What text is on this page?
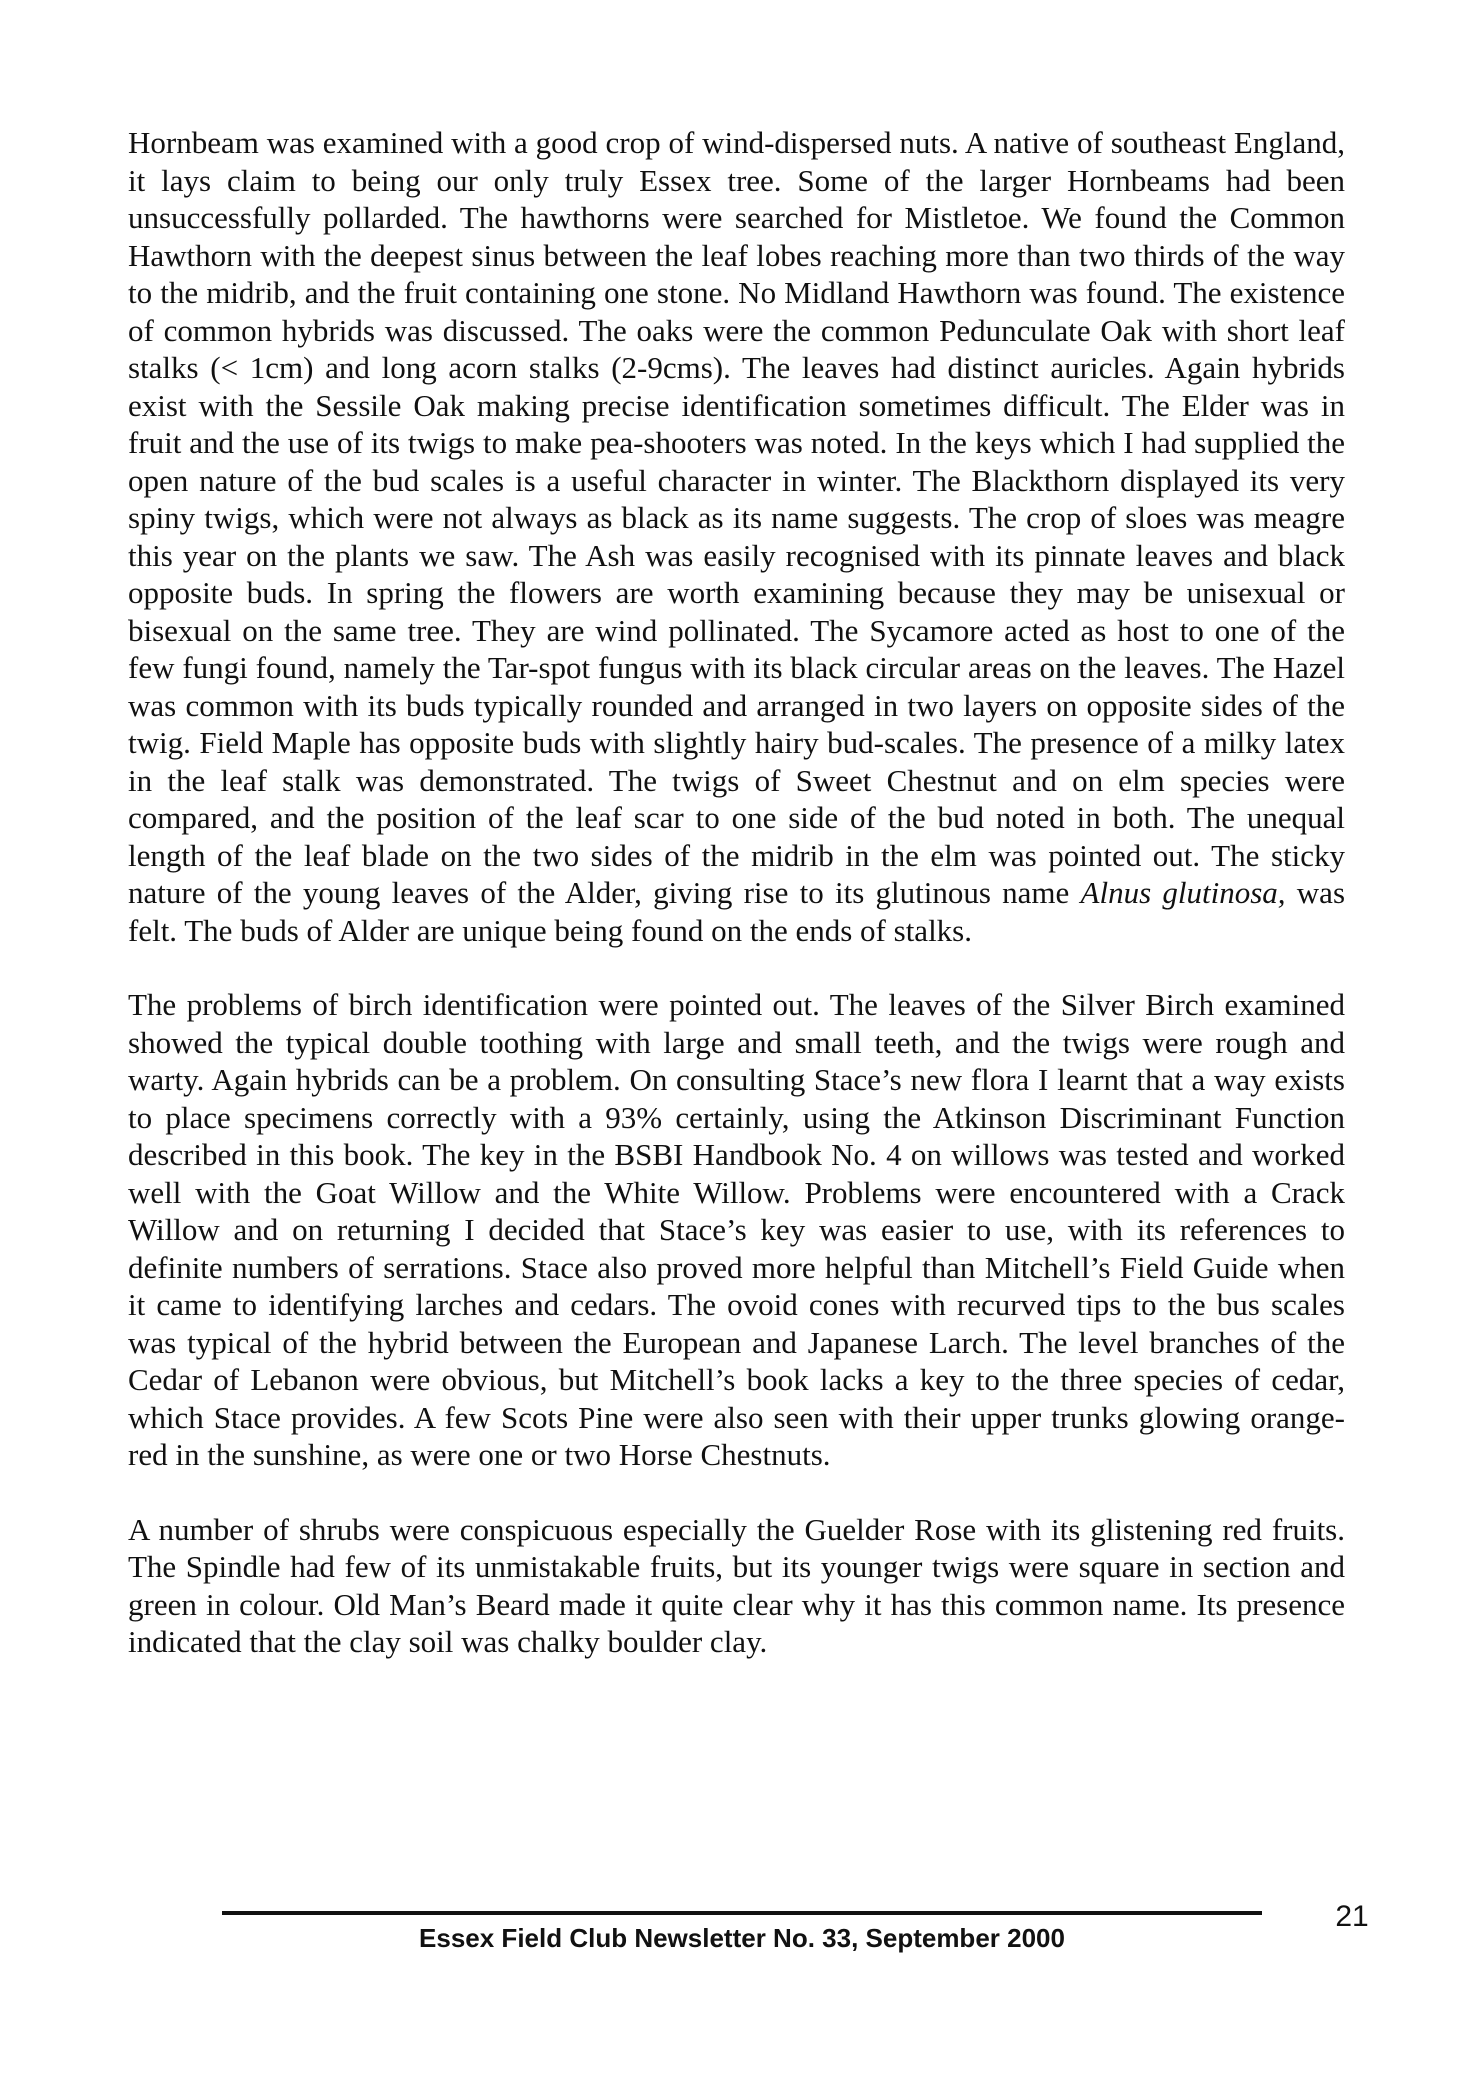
Hornbeam was examined with a good crop of wind-dispersed nuts. A native of southeast England, it lays claim to being our only truly Essex tree. Some of the larger Hornbeams had been unsuccessfully pollarded. The hawthorns were searched for Mistletoe. We found the Common Hawthorn with the deepest sinus between the leaf lobes reaching more than two thirds of the way to the midrib, and the fruit containing one stone. No Midland Hawthorn was found. The existence of common hybrids was discussed. The oaks were the common Pedunculate Oak with short leaf stalks (< 1cm) and long acorn stalks (2-9cms). The leaves had distinct auricles. Again hybrids exist with the Sessile Oak making precise identification sometimes difficult. The Elder was in fruit and the use of its twigs to make pea-shooters was noted. In the keys which I had supplied the open nature of the bud scales is a useful character in winter. The Blackthorn displayed its very spiny twigs, which were not always as black as its name suggests. The crop of sloes was meagre this year on the plants we saw. The Ash was easily recognised with its pinnate leaves and black opposite buds. In spring the flowers are worth examining because they may be unisexual or bisexual on the same tree. They are wind pollinated. The Sycamore acted as host to one of the few fungi found, namely the Tar-spot fungus with its black circular areas on the leaves. The Hazel was common with its buds typically rounded and arranged in two layers on opposite sides of the twig. Field Maple has opposite buds with slightly hairy bud-scales. The presence of a milky latex in the leaf stalk was demonstrated. The twigs of Sweet Chestnut and on elm species were compared, and the position of the leaf scar to one side of the bud noted in both. The unequal length of the leaf blade on the two sides of the midrib in the elm was pointed out. The sticky nature of the young leaves of the Alder, giving rise to its glutinous name Alnus glutinosa, was felt. The buds of Alder are unique being found on the ends of stalks.

The problems of birch identification were pointed out. The leaves of the Silver Birch examined showed the typical double toothing with large and small teeth, and the twigs were rough and warty. Again hybrids can be a problem. On consulting Stace’s new flora I learnt that a way exists to place specimens correctly with a 93% certainly, using the Atkinson Discriminant Function described in this book. The key in the BSBI Handbook No. 4 on willows was tested and worked well with the Goat Willow and the White Willow. Problems were encountered with a Crack Willow and on returning I decided that Stace’s key was easier to use, with its references to definite numbers of serrations. Stace also proved more helpful than Mitchell’s Field Guide when it came to identifying larches and cedars. The ovoid cones with recurved tips to the bus scales was typical of the hybrid between the European and Japanese Larch. The level branches of the Cedar of Lebanon were obvious, but Mitchell’s book lacks a key to the three species of cedar, which Stace provides. A few Scots Pine were also seen with their upper trunks glowing orange-red in the sunshine, as were one or two Horse Chestnuts.

A number of shrubs were conspicuous especially the Guelder Rose with its glistening red fruits. The Spindle had few of its unmistakable fruits, but its younger twigs were square in section and green in colour. Old Man’s Beard made it quite clear why it has this common name. Its presence indicated that the clay soil was chalky boulder clay.

Essex Field Club Newsletter No. 33, September 2000
21
